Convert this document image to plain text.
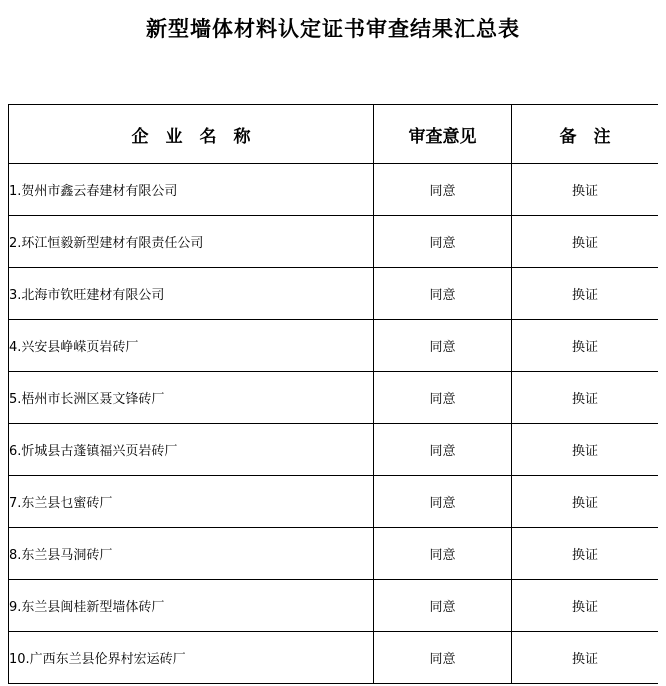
新型墙体材料认定证书审查结果汇总表
企　业　名　称	审查意见	备　注
1.贺州市鑫云春建材有限公司	同意	换证
2.环江恒毅新型建材有限责任公司	同意	换证
3.北海市钦旺建材有限公司	同意	换证
4.兴安县峥嵘页岩砖厂	同意	换证
5.梧州市长洲区聂文锋砖厂	同意	换证
6.忻城县古蓬镇福兴页岩砖厂	同意	换证
7.东兰县乜蜜砖厂	同意	换证
8.东兰县马洞砖厂	同意	换证
9.东兰县闽桂新型墙体砖厂	同意	换证
10.广西东兰县伦界村宏运砖厂	同意	换证
